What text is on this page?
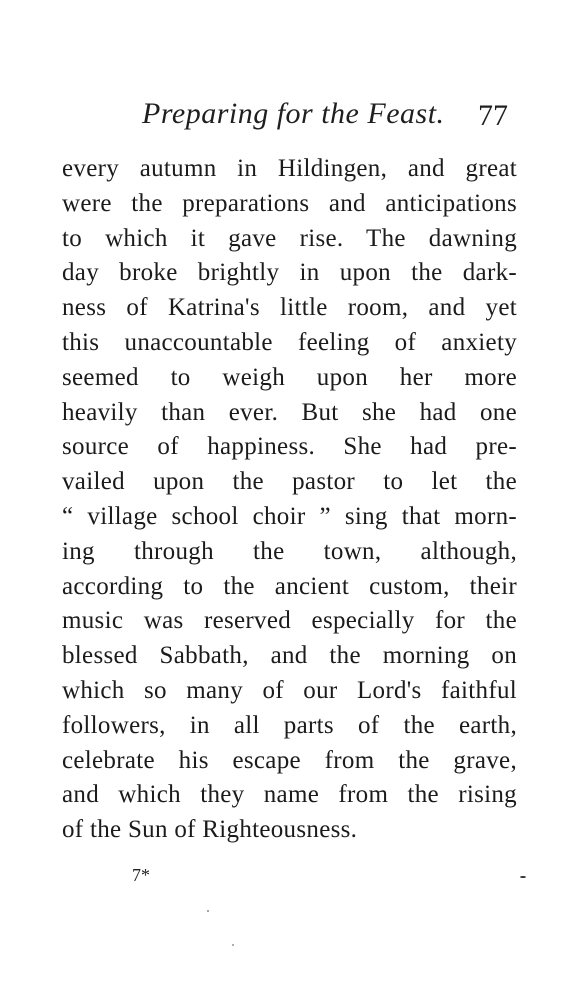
Preparing for the Feast. 77
every autumn in Hildingen, and great
were the preparations and anticipations
to which it gave rise. The dawning
day broke brightly in upon the dark-
ness of Katrina's little room, and yet
this unaccountable feeling of anxiety
seemed to weigh upon her more
heavily than ever. But she had one
source of happiness. She had pre-
vailed upon the pastor to let the
“ village school choir ” sing that morn-
ing through the town, although,
according to the ancient custom, their
music was reserved especially for the
blessed Sabbath, and the morning on
which so many of our Lord's faithful
followers, in all parts of the earth,
celebrate his escape from the grave,
and which they name from the rising
of the Sun of Righteousness.
7*
